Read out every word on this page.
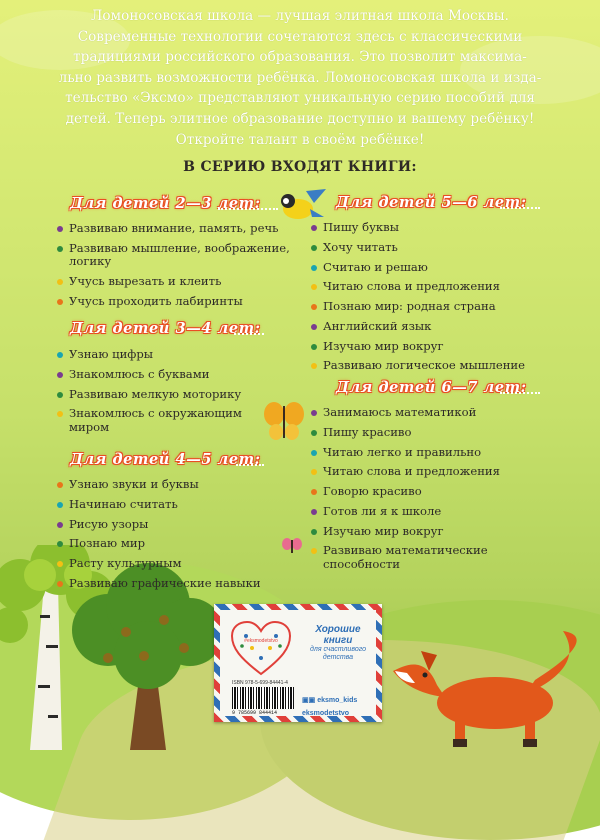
Ломоносовская школа — лучшая элитная школа Москвы.
Современные технологии сочетаются здесь с классическими
традициями российского образования. Это позволит максима-
льно развить возможности ребёнка. Ломоносовская школа и изда-
тельство «Эксмо» представляют уникальную серию пособий для
детей. Теперь элитное образование доступно и вашему ребёнку!
Откройте талант в своём ребёнке!
В СЕРИЮ ВХОДЯТ КНИГИ:
Для детей 2—3 лет:
Для детей 3—4 лет:
Для детей 4—5 лет:
Для детей 5—6 лет:
Для детей 6—7 лет:
Развиваю внимание, память, речь
Развиваю мышление, воображение,
логику
Учусь вырезать и клеить
Учусь проходить лабиринты
Узнаю цифры
Знакомлюсь с буквами
Развиваю мелкую моторику
Знакомлюсь с окружающим
миром
Узнаю звуки и буквы
Начинаю считать
Рисую узоры
Познаю мир
Расту культурным
Развиваю графические навыки
Пишу буквы
Хочу читать
Считаю и решаю
Читаю слова и предложения
Познаю мир: родная страна
Английский язык
Изучаю мир вокруг
Развиваю логическое мышление
Занимаюсь математикой
Пишу красиво
Читаю легко и правильно
Читаю слова и предложения
Говорю красиво
Готов ли я к школе
Изучаю мир вокруг
Развиваю математические
способности
#eksmodetstvo
Хорошие
книги
для счастливого
детства
ISBN 978-5-699-84441-4
9 785699 844414
▣▣ eksmo_kids
eksmodetstvo
